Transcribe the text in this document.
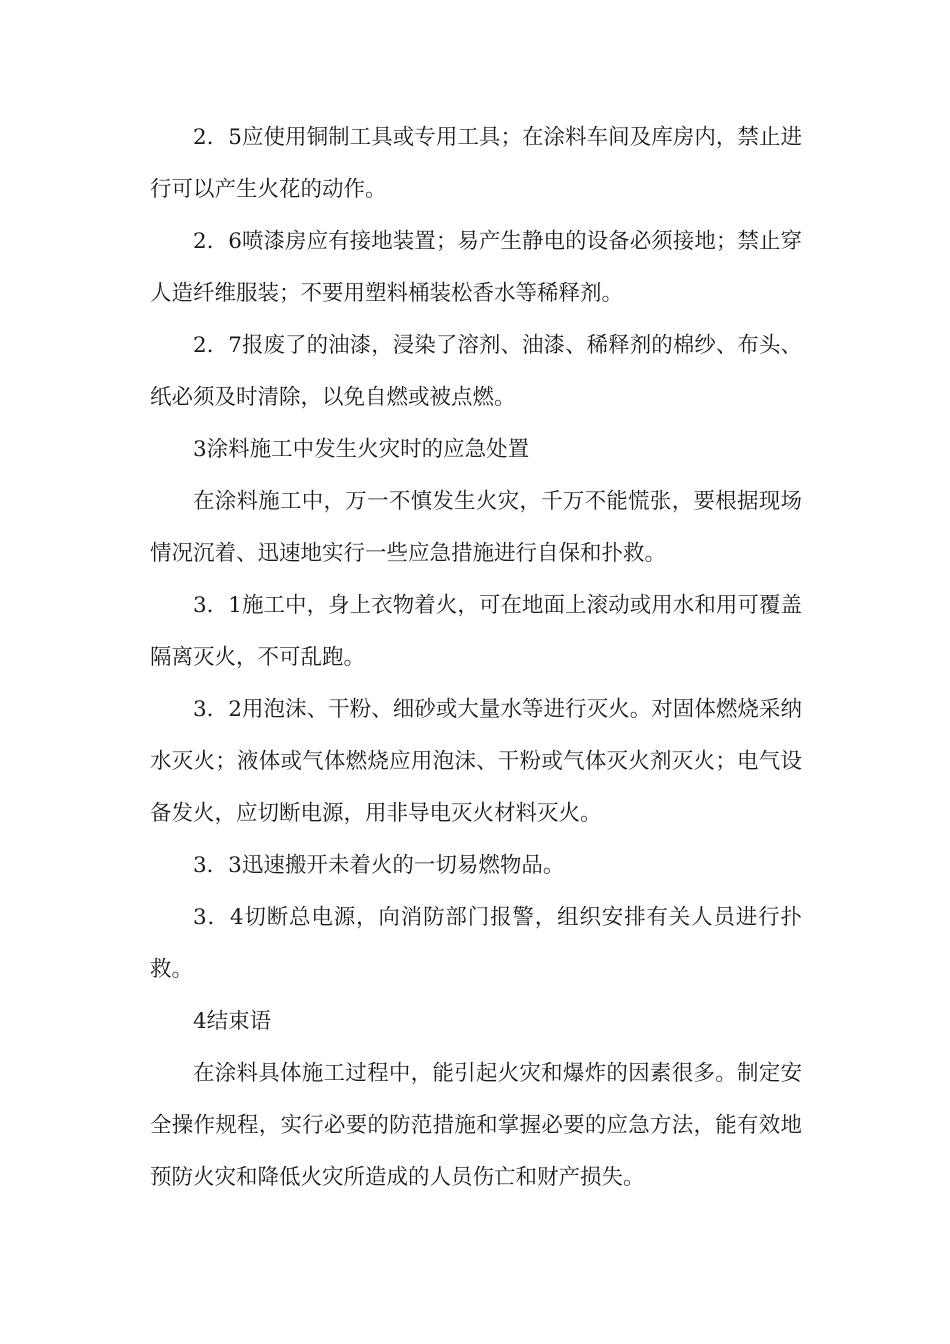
2．5应使用铜制工具或专用工具；在涂料车间及库房内，禁止进行可以产生火花的动作。

2．6喷漆房应有接地装置；易产生静电的设备必须接地；禁止穿人造纤维服装；不要用塑料桶装松香水等稀释剂。

2．7报废了的油漆，浸染了溶剂、油漆、稀释剂的棉纱、布头、纸必须及时清除，以免自燃或被点燃。

3涂料施工中发生火灾时的应急处置

在涂料施工中，万一不慎发生火灾，千万不能慌张，要根据现场情况沉着、迅速地实行一些应急措施进行自保和扑救。

3．1施工中，身上衣物着火，可在地面上滚动或用水和用可覆盖隔离灭火，不可乱跑。

3．2用泡沫、干粉、细砂或大量水等进行灭火。对固体燃烧采纳水灭火；液体或气体燃烧应用泡沫、干粉或气体灭火剂灭火；电气设备发火，应切断电源，用非导电灭火材料灭火。

3．3迅速搬开未着火的一切易燃物品。

3．4切断总电源，向消防部门报警，组织安排有关人员进行扑救。

4结束语

在涂料具体施工过程中，能引起火灾和爆炸的因素很多。制定安全操作规程，实行必要的防范措施和掌握必要的应急方法，能有效地预防火灾和降低火灾所造成的人员伤亡和财产损失。
